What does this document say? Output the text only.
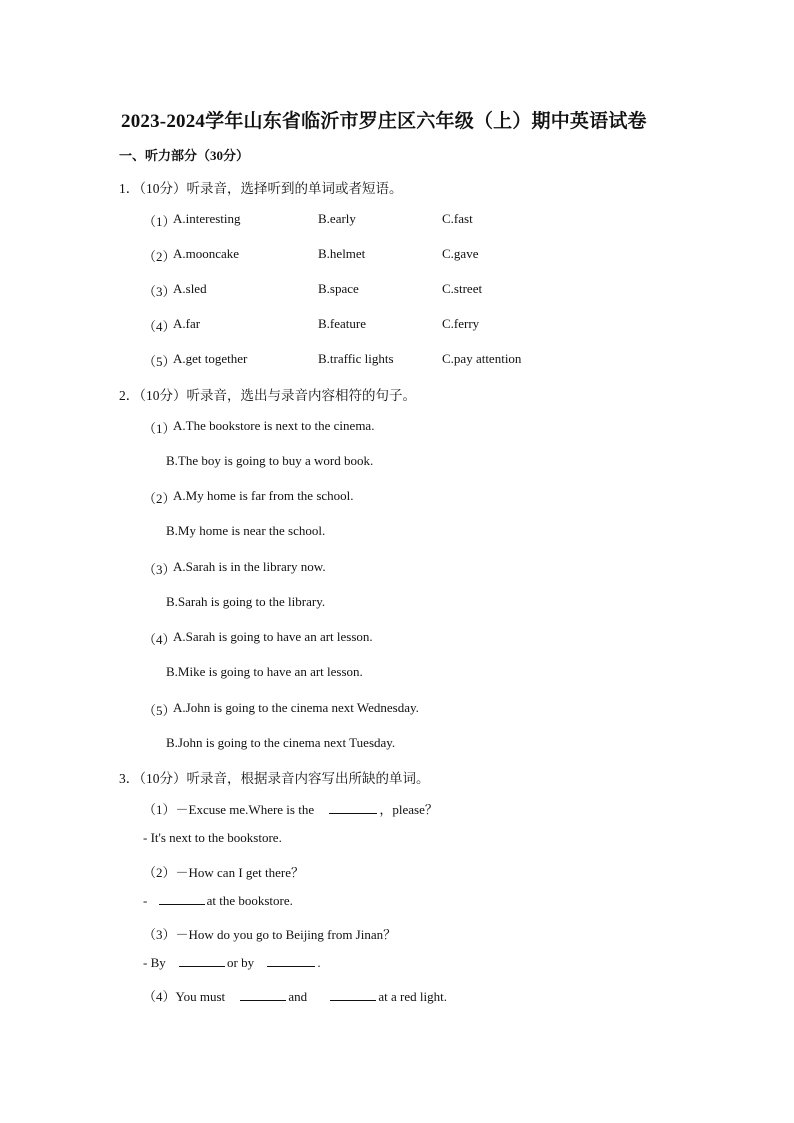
2023-2024学年山东省临沂市罗庄区六年级（上）期中英语试卷
一、听力部分（30分）
1．（10分）听录音，选择听到的单词或者短语。
（1）
A.interesting	B.early	C.fast
（2）
A.mooncake	B.helmet	C.gave
（3）
A.sled	B.space	C.street
（4）
A.far	B.feature	C.ferry
（5）
A.get together	B.traffic lights	C.pay attention
2．（10分）听录音，选出与录音内容相符的句子。
（1）
A.The bookstore is next to the cinema.
B.The boy is going to buy a word book.
（2）
A.My home is far from the school.
B.My home is near the school.
（3）
A.Sarah is in the library now.
B.Sarah is going to the library.
（4）
A.Sarah is going to have an art lesson.
B.Mike is going to have an art lesson.
（5）
A.John is going to the cinema next Wednesday.
B.John is going to the cinema next Tuesday.
3．（10分）听录音，根据录音内容写出所缺的单词。
（1）－Excuse me.Where is the	，please？
- It's next to the bookstore.
（2）－How can I get there？
-	at the bookstore.
（3）－How do you go to Beijing from Jinan？
- By	or by	.
（4）You must	and	at a red light.
